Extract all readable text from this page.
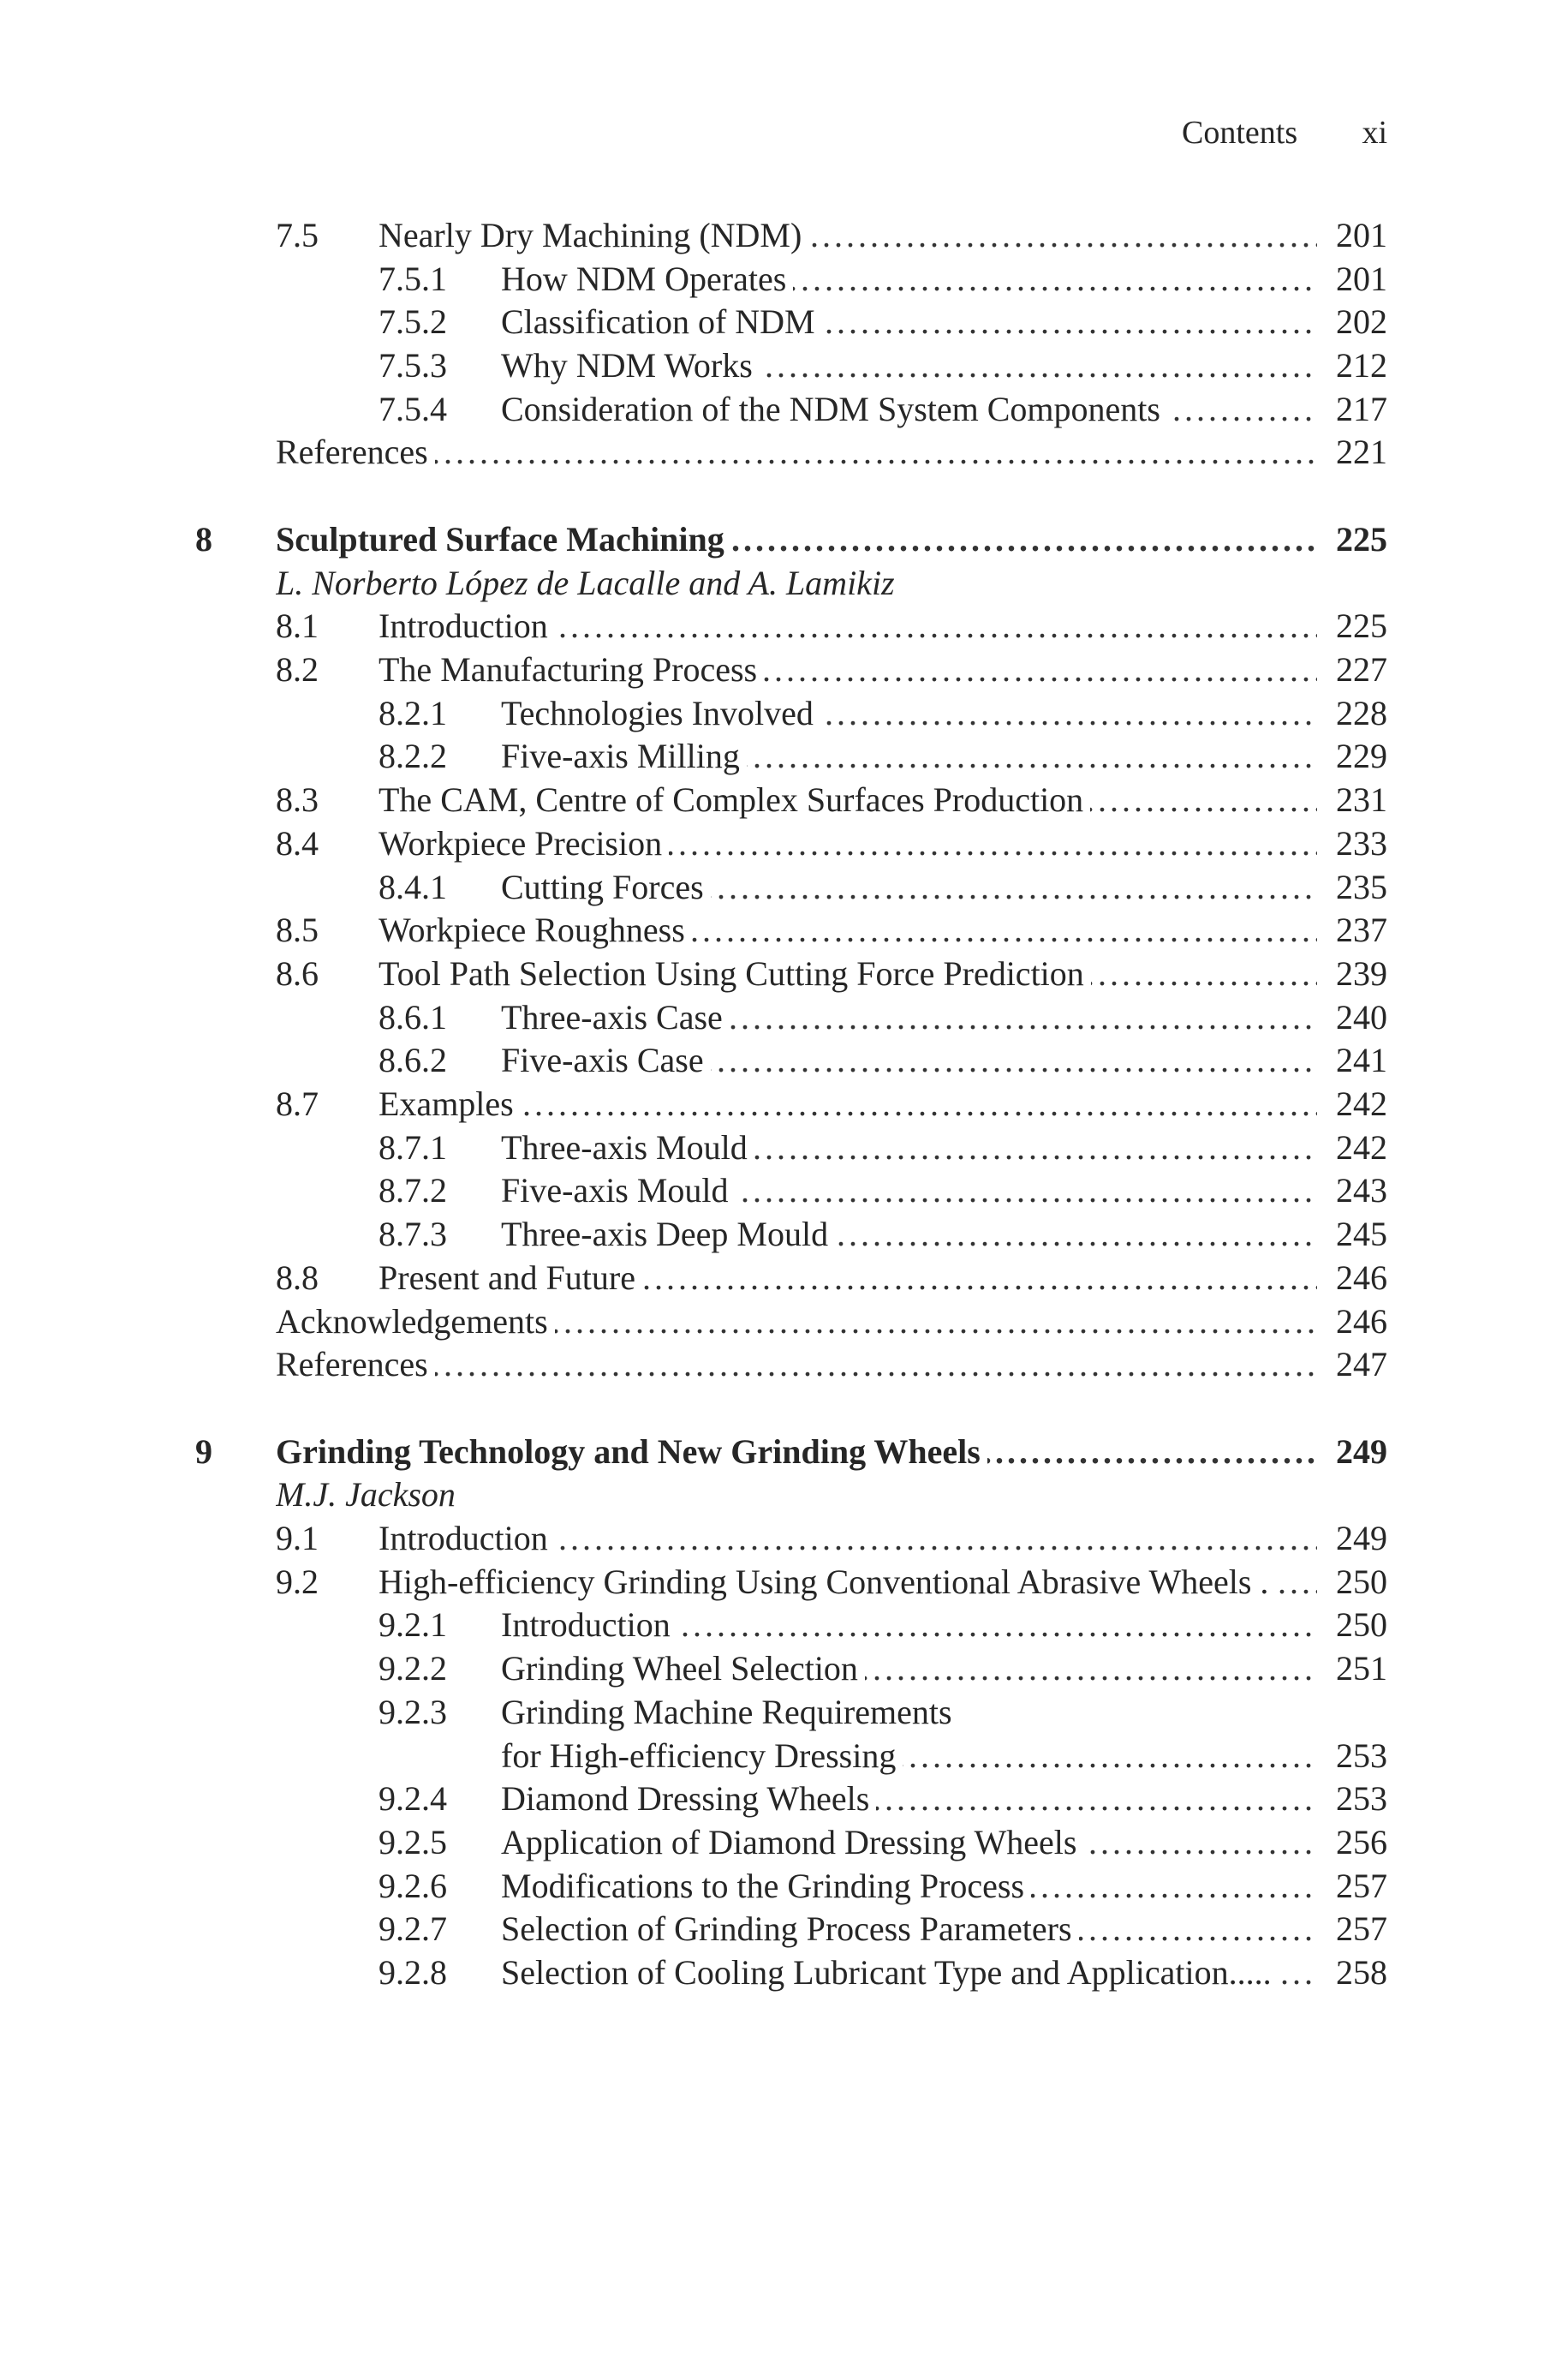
Contents xi
7.5 Nearly Dry Machining (NDM) . . .	201
7.5.1 How NDM Operates . . .	201
7.5.2 Classification of NDM . . .	202
7.5.3 Why NDM Works . . .	212
7.5.4 Consideration of the NDM System Components . . .	217
References . . .	221
8 Sculptured Surface Machining . . .	225
L. Norberto López de Lacalle and A. Lamikiz
8.1 Introduction . . .	225
8.2 The Manufacturing Process . . .	227
8.2.1 Technologies Involved . . .	228
8.2.2 Five-axis Milling . . .	229
8.3 The CAM, Centre of Complex Surfaces Production . . .	231
8.4 Workpiece Precision . . .	233
8.4.1 Cutting Forces . . .	235
8.5 Workpiece Roughness . . .	237
8.6 Tool Path Selection Using Cutting Force Prediction . . .	239
8.6.1 Three-axis Case . . .	240
8.6.2 Five-axis Case . . .	241
8.7 Examples . . .	242
8.7.1 Three-axis Mould . . .	242
8.7.2 Five-axis Mould . . .	243
8.7.3 Three-axis Deep Mould . . .	245
8.8 Present and Future . . .	246
Acknowledgements . . .	246
References . . .	247
9 Grinding Technology and New Grinding Wheels . . .	249
M.J. Jackson
9.1 Introduction . . .	249
9.2 High-efficiency Grinding Using Conventional Abrasive Wheels . . . .	250
9.2.1 Introduction . . .	250
9.2.2 Grinding Wheel Selection . . .	251
9.2.3 Grinding Machine Requirements
for High-efficiency Dressing . . .	253
9.2.4 Diamond Dressing Wheels . . .	253
9.2.5 Application of Diamond Dressing Wheels . . .	256
9.2.6 Modifications to the Grinding Process . . .	257
9.2.7 Selection of Grinding Process Parameters . . .	257
9.2.8 Selection of Cooling Lubricant Type and Application..... . . .	258
